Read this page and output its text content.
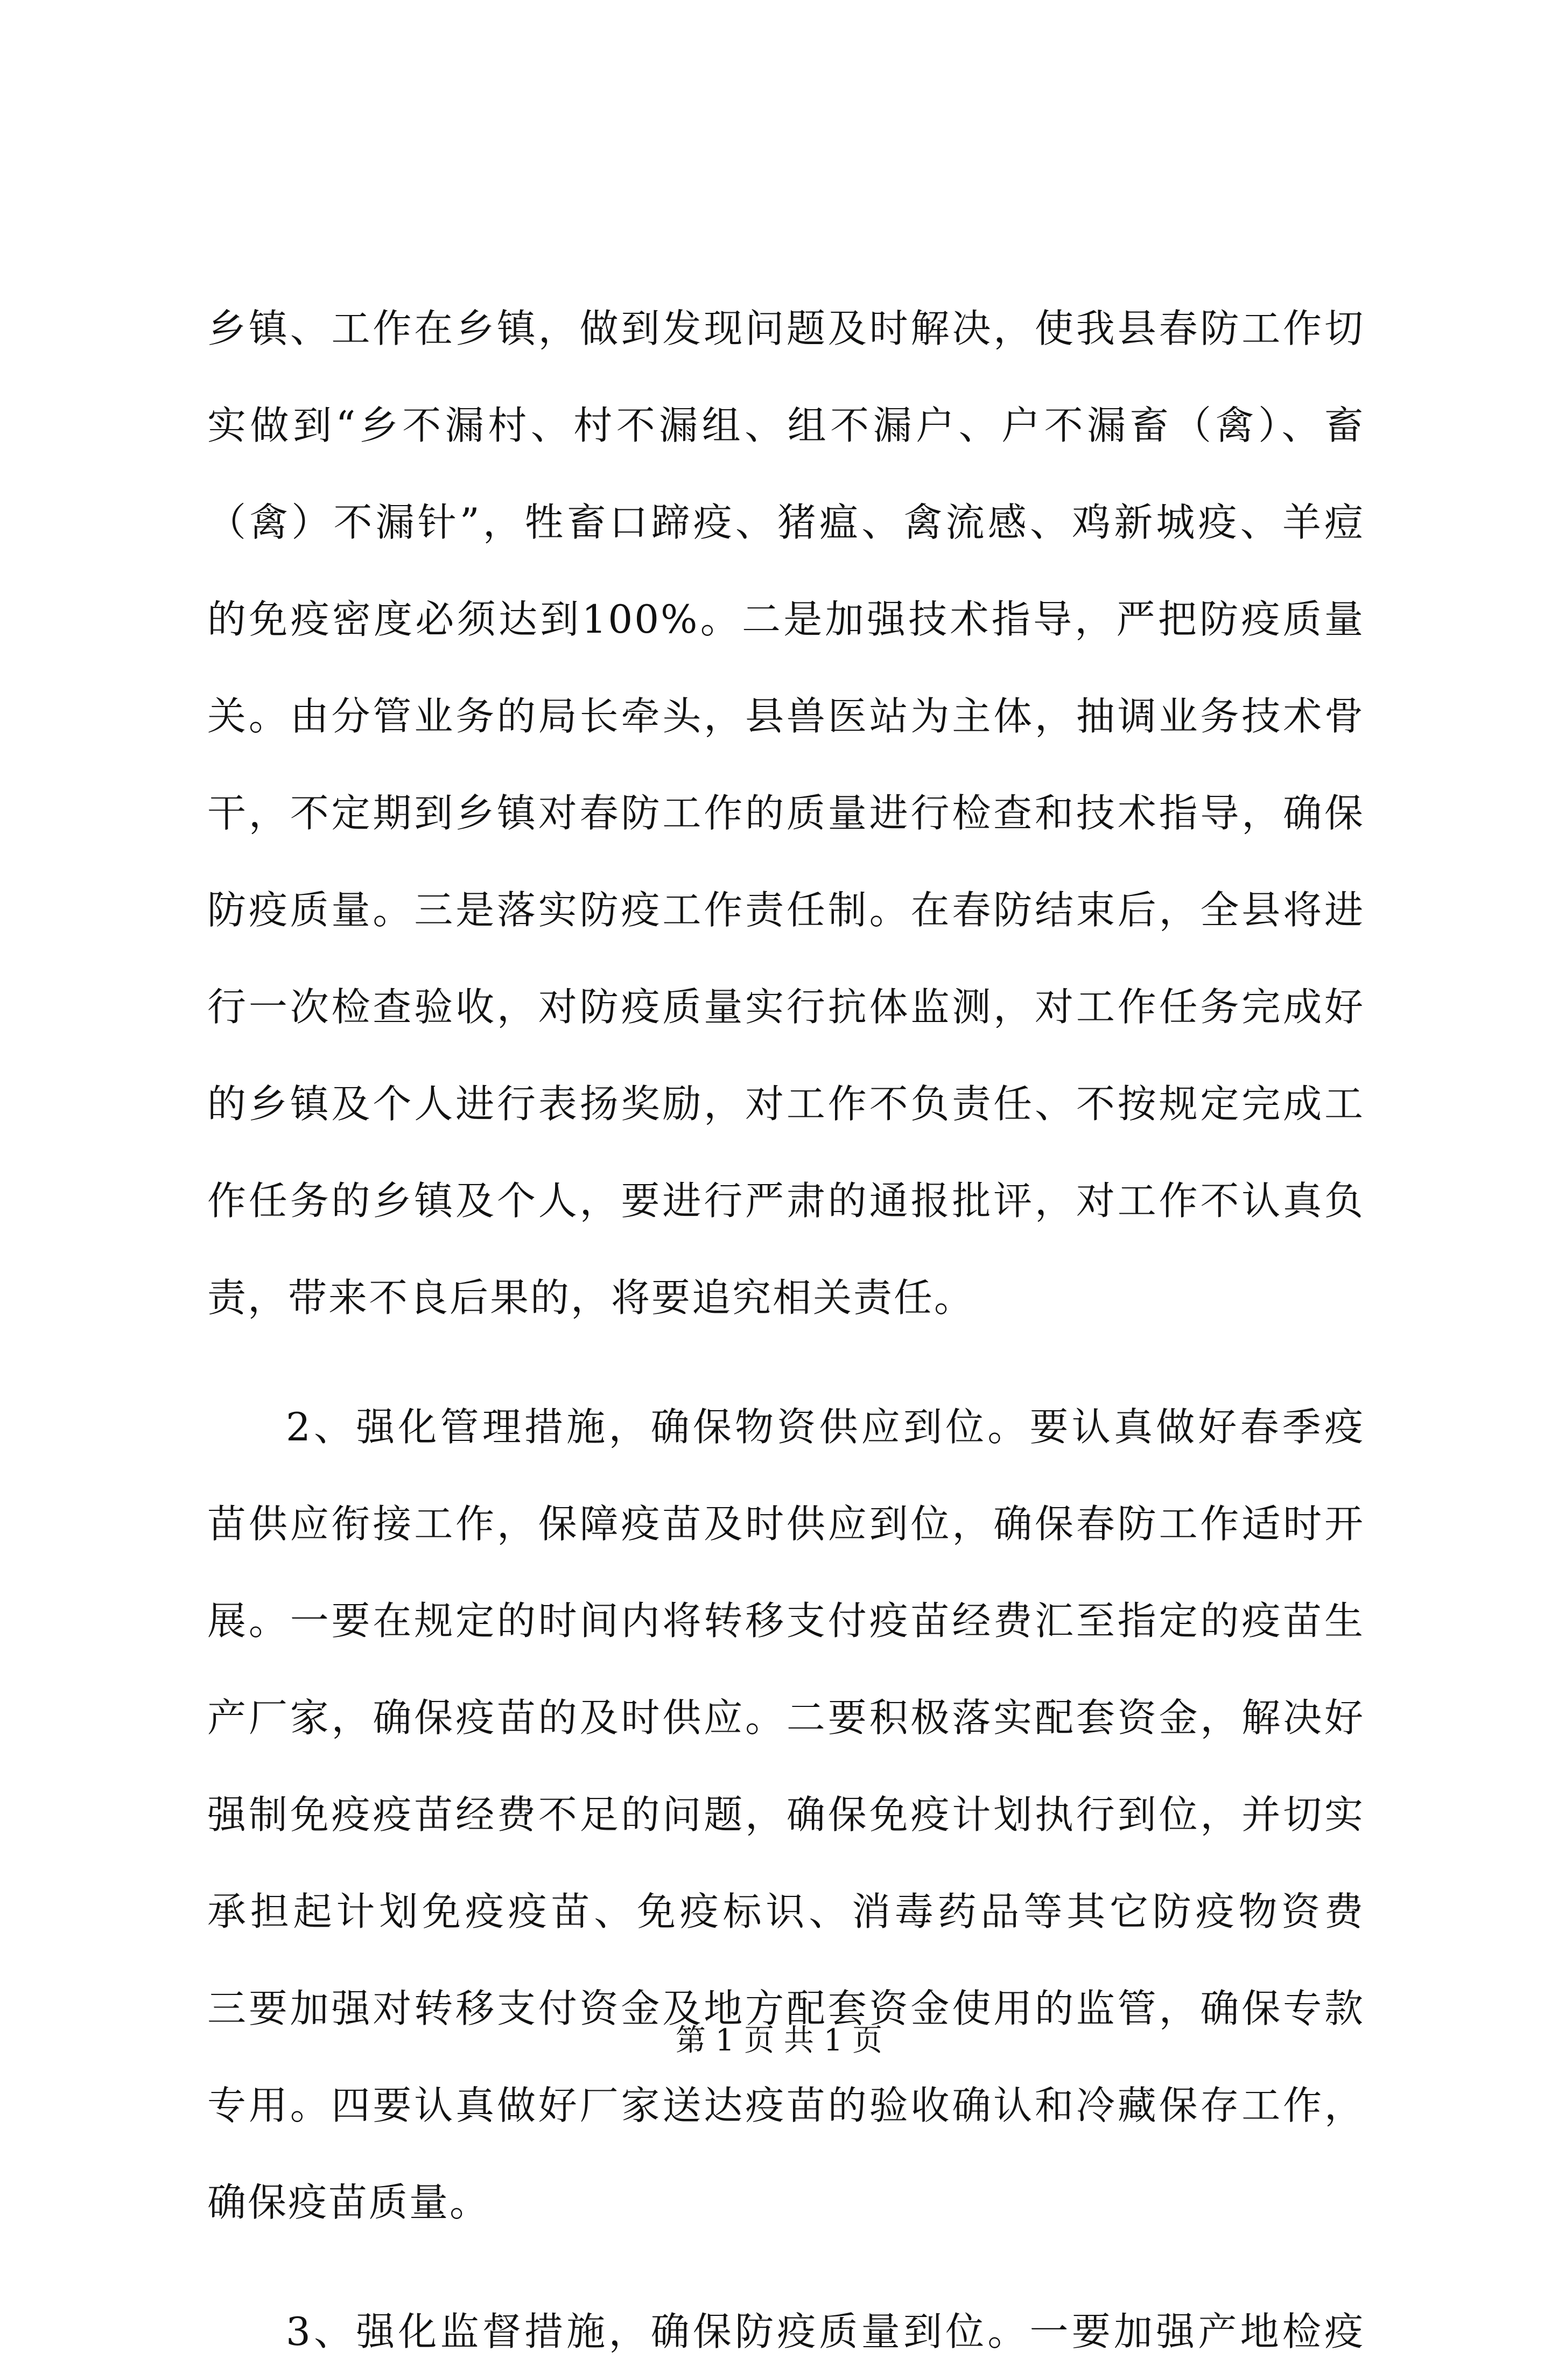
乡镇、工作在乡镇，做到发现问题及时解决，使我县春防工作切
实做到“乡不漏村、村不漏组、组不漏户、户不漏畜（禽）、畜
（禽）不漏针”，牲畜口蹄疫、猪瘟、禽流感、鸡新城疫、羊痘
的免疫密度必须达到100%。二是加强技术指导，严把防疫质量
关。由分管业务的局长牵头，县兽医站为主体，抽调业务技术骨
干，不定期到乡镇对春防工作的质量进行检查和技术指导，确保
防疫质量。三是落实防疫工作责任制。在春防结束后，全县将进
行一次检查验收，对防疫质量实行抗体监测，对工作任务完成好
的乡镇及个人进行表扬奖励，对工作不负责任、不按规定完成工
作任务的乡镇及个人，要进行严肃的通报批评，对工作不认真负
责，带来不良后果的，将要追究相关责任。
2、强化管理措施，确保物资供应到位。要认真做好春季疫
苗供应衔接工作，保障疫苗及时供应到位，确保春防工作适时开
展。一要在规定的时间内将转移支付疫苗经费汇至指定的疫苗生
产厂家，确保疫苗的及时供应。二要积极落实配套资金，解决好
强制免疫疫苗经费不足的问题，确保免疫计划执行到位，并切实
承担起计划免疫疫苗、免疫标识、消毒药品等其它防疫物资费
三要加强对转移支付资金及地方配套资金使用的监管，确保专款
专用。四要认真做好厂家送达疫苗的验收确认和冷藏保存工作，
确保疫苗质量。
3、强化监督措施，确保防疫质量到位。一要加强产地检疫
第 1 页 共 1 页
